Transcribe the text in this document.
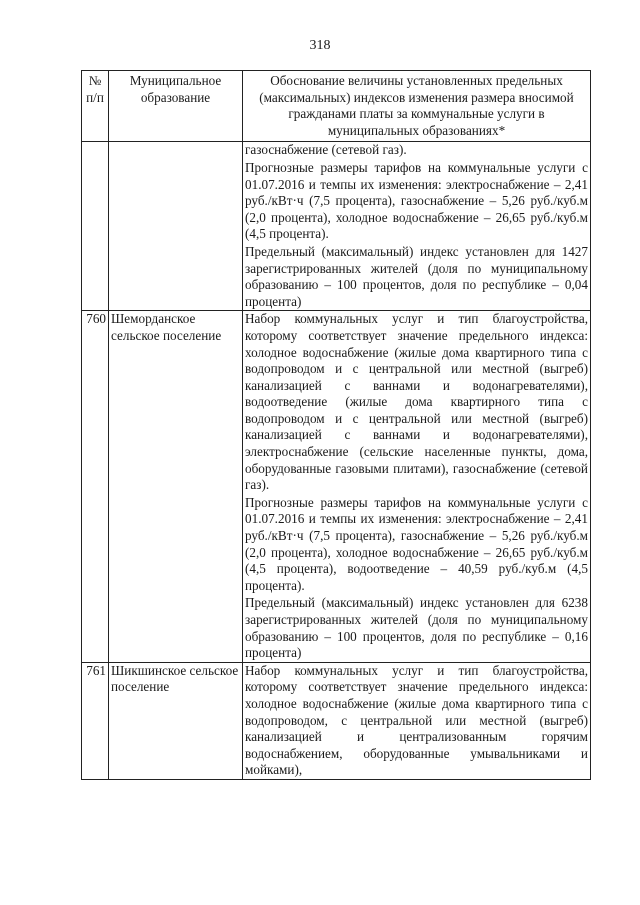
318
№ п/п	Муниципальное образование	Обоснование величины установленных предельных (максимальных) индексов изменения размера вносимой гражданами платы за коммунальные услуги в муниципальных образованиях*

		газоснабжение (сетевой газ).

Прогнозные размеры тарифов на коммунальные услуги с 01.07.2016 и темпы их изменения: электроснабжение – 2,41 руб./кВт·ч (7,5 процента), газоснабжение – 5,26 руб./куб.м (2,0 процента), холодное водоснабжение – 26,65 руб./куб.м (4,5 процента).

Предельный (максимальный) индекс установлен для 1427 зарегистрированных жителей (доля по муниципальному образованию – 100 процентов, доля по республике – 0,04 процента)

760	Шеморданское сельское поселение	Набор коммунальных услуг и тип благоустройства, которому соответствует значение предельного индекса: холодное водоснабжение (жилые дома квартирного типа с водопроводом и с центральной или местной (выгреб) канализацией с ваннами и водонагревателями), водоотведение (жилые дома квартирного типа с водопроводом и с центральной или местной (выгреб) канализацией с ваннами и водонагревателями), электроснабжение (сельские населенные пункты, дома, оборудованные газовыми плитами), газоснабжение (сетевой газ).

Прогнозные размеры тарифов на коммунальные услуги с 01.07.2016 и темпы их изменения: электроснабжение – 2,41 руб./кВт·ч (7,5 процента), газоснабжение – 5,26 руб./куб.м (2,0 процента), холодное водоснабжение – 26,65 руб./куб.м (4,5 процента), водоотведение – 40,59 руб./куб.м (4,5 процента).

Предельный (максимальный) индекс установлен для 6238 зарегистрированных жителей (доля по муниципальному образованию – 100 процентов, доля по республике – 0,16 процента)

761	Шикшинское сельское поселение	Набор коммунальных услуг и тип благоустройства, которому соответствует значение предельного индекса: холодное водоснабжение (жилые дома квартирного типа с водопроводом, с центральной или местной (выгреб) канализацией и централизованным горячим водоснабжением, оборудованные умывальниками и мойками),
